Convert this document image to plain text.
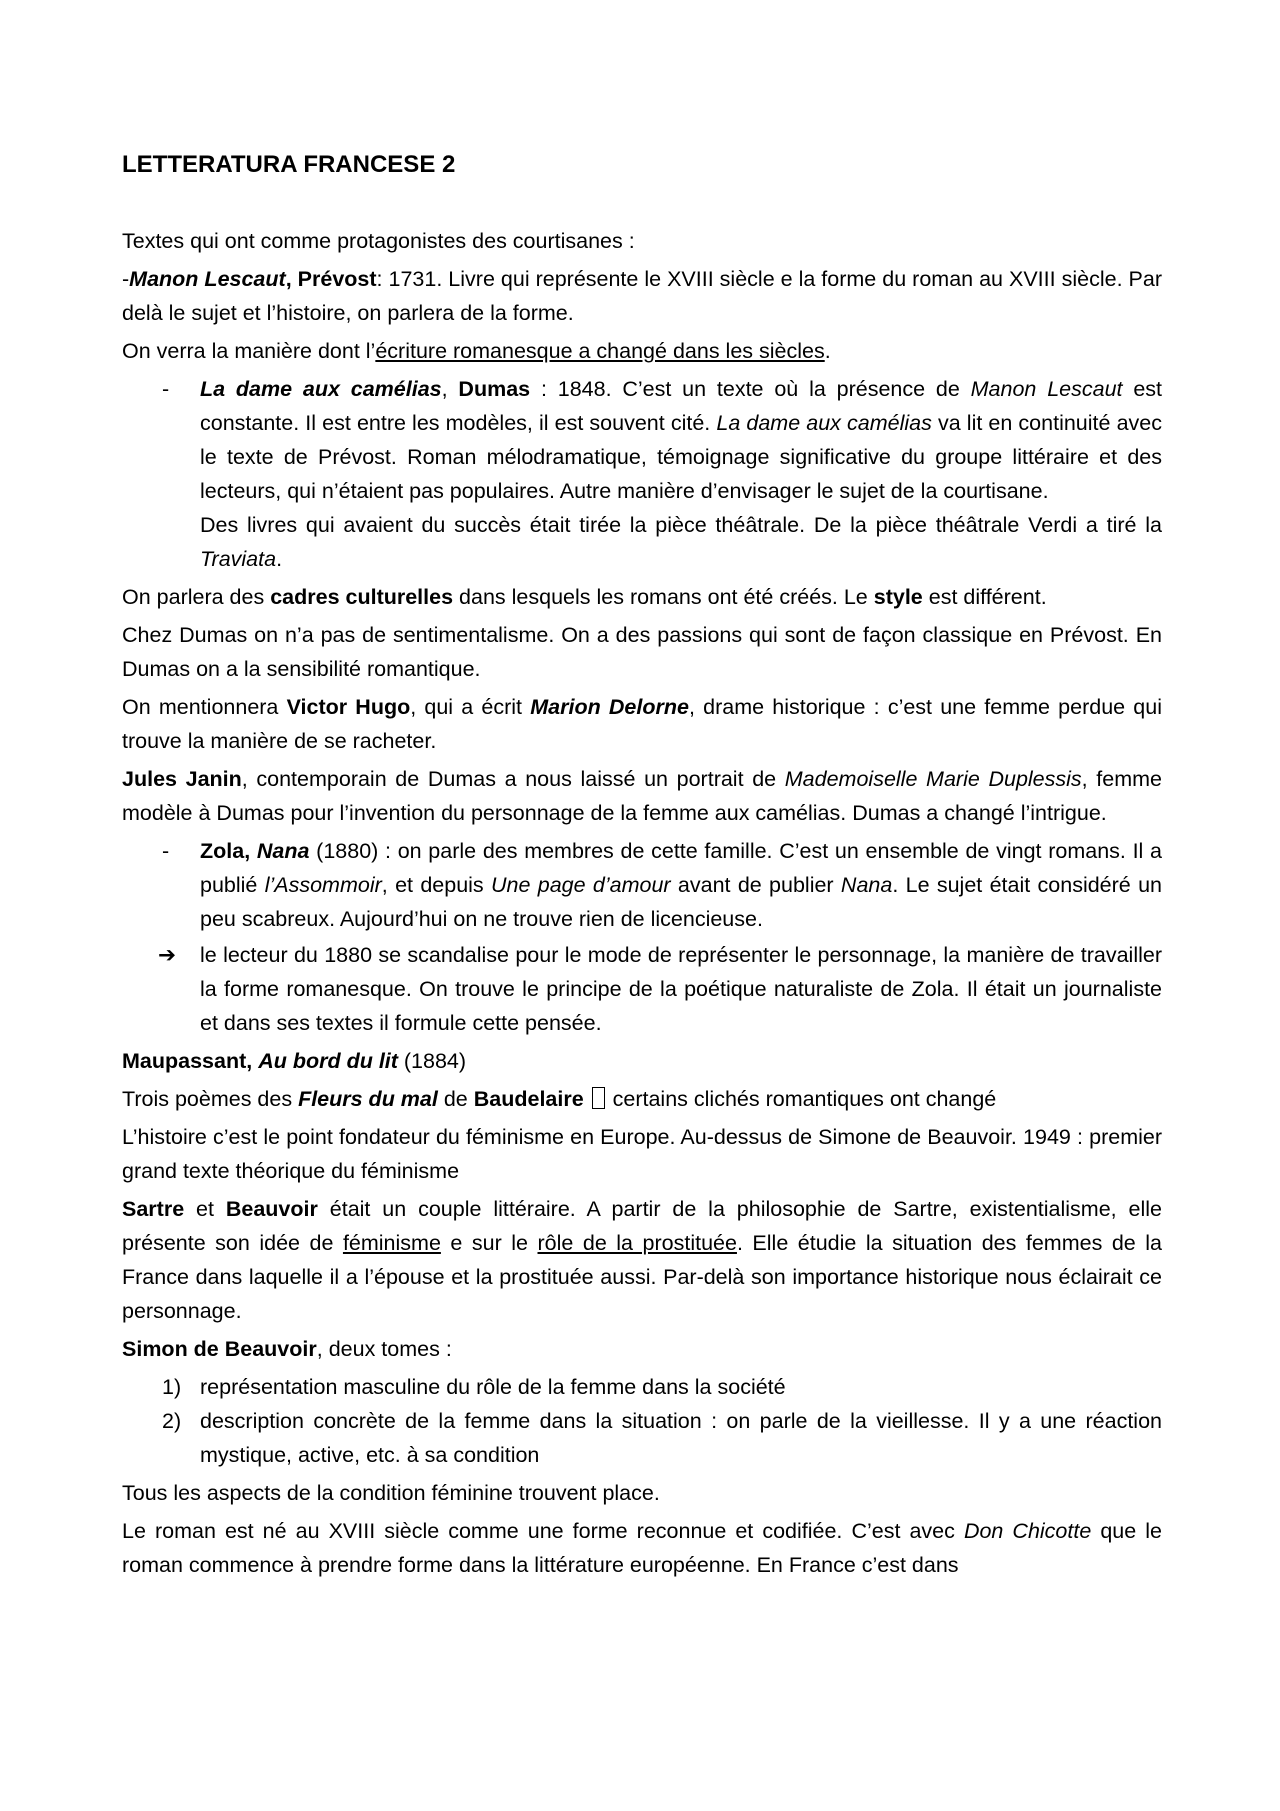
LETTERATURA FRANCESE 2

Textes qui ont comme protagonistes des courtisanes :

-Manon Lescaut, Prévost: 1731. Livre qui représente le XVIII siècle e la forme du roman au XVIII siècle. Par delà le sujet et l’histoire, on parlera de la forme.

On verra la manière dont l’écriture romanesque a changé dans les siècles.

- La dame aux camélias, Dumas : 1848. C’est un texte où la présence de Manon Lescaut est constante. Il est entre les modèles, il est souvent cité. La dame aux camélias va lit en continuité avec le texte de Prévost. Roman mélodramatique, témoignage significative du groupe littéraire et des lecteurs, qui n’étaient pas populaires. Autre manière d’envisager le sujet de la courtisane.
Des livres qui avaient du succès était tirée la pièce théâtrale. De la pièce théâtrale Verdi a tiré la Traviata.

On parlera des cadres culturelles dans lesquels les romans ont été créés. Le style est différent.

Chez Dumas on n’a pas de sentimentalisme. On a des passions qui sont de façon classique en Prévost. En Dumas on a la sensibilité romantique.

On mentionnera Victor Hugo, qui a écrit Marion Delorne, drame historique : c’est une femme perdue qui trouve la manière de se racheter.

Jules Janin, contemporain de Dumas a nous laissé un portrait de Mademoiselle Marie Duplessis, femme modèle à Dumas pour l’invention du personnage de la femme aux camélias. Dumas a changé l’intrigue.

- Zola, Nana (1880) : on parle des membres de cette famille. C’est un ensemble de vingt romans. Il a publié l’Assommoir, et depuis Une page d’amour avant de publier Nana. Le sujet était considéré un peu scabreux. Aujourd’hui on ne trouve rien de licencieuse.
➔ le lecteur du 1880 se scandalise pour le mode de représenter le personnage, la manière de travailler la forme romanesque. On trouve le principe de la poétique naturaliste de Zola. Il était un journaliste et dans ses textes il formule cette pensée.

Maupassant, Au bord du lit (1884)

Trois poèmes des Fleurs du mal de Baudelaire  certains clichés romantiques ont changé

L’histoire c’est le point fondateur du féminisme en Europe. Au-dessus de Simone de Beauvoir. 1949 : premier grand texte théorique du féminisme

Sartre et Beauvoir était un couple littéraire. A partir de la philosophie de Sartre, existentialisme, elle présente son idée de féminisme e sur le rôle de la prostituée. Elle étudie la situation des femmes de la France dans laquelle il a l’épouse et la prostituée aussi. Par-delà son importance historique nous éclairait ce personnage.

Simon de Beauvoir, deux tomes :

1) représentation masculine du rôle de la femme dans la société
2) description concrète de la femme dans la situation : on parle de la vieillesse. Il y a une réaction mystique, active, etc. à sa condition

Tous les aspects de la condition féminine trouvent place.

Le roman est né au XVIII siècle comme une forme reconnue et codifiée. C’est avec Don Chicotte que le roman commence à prendre forme dans la littérature européenne. En France c’est dans
